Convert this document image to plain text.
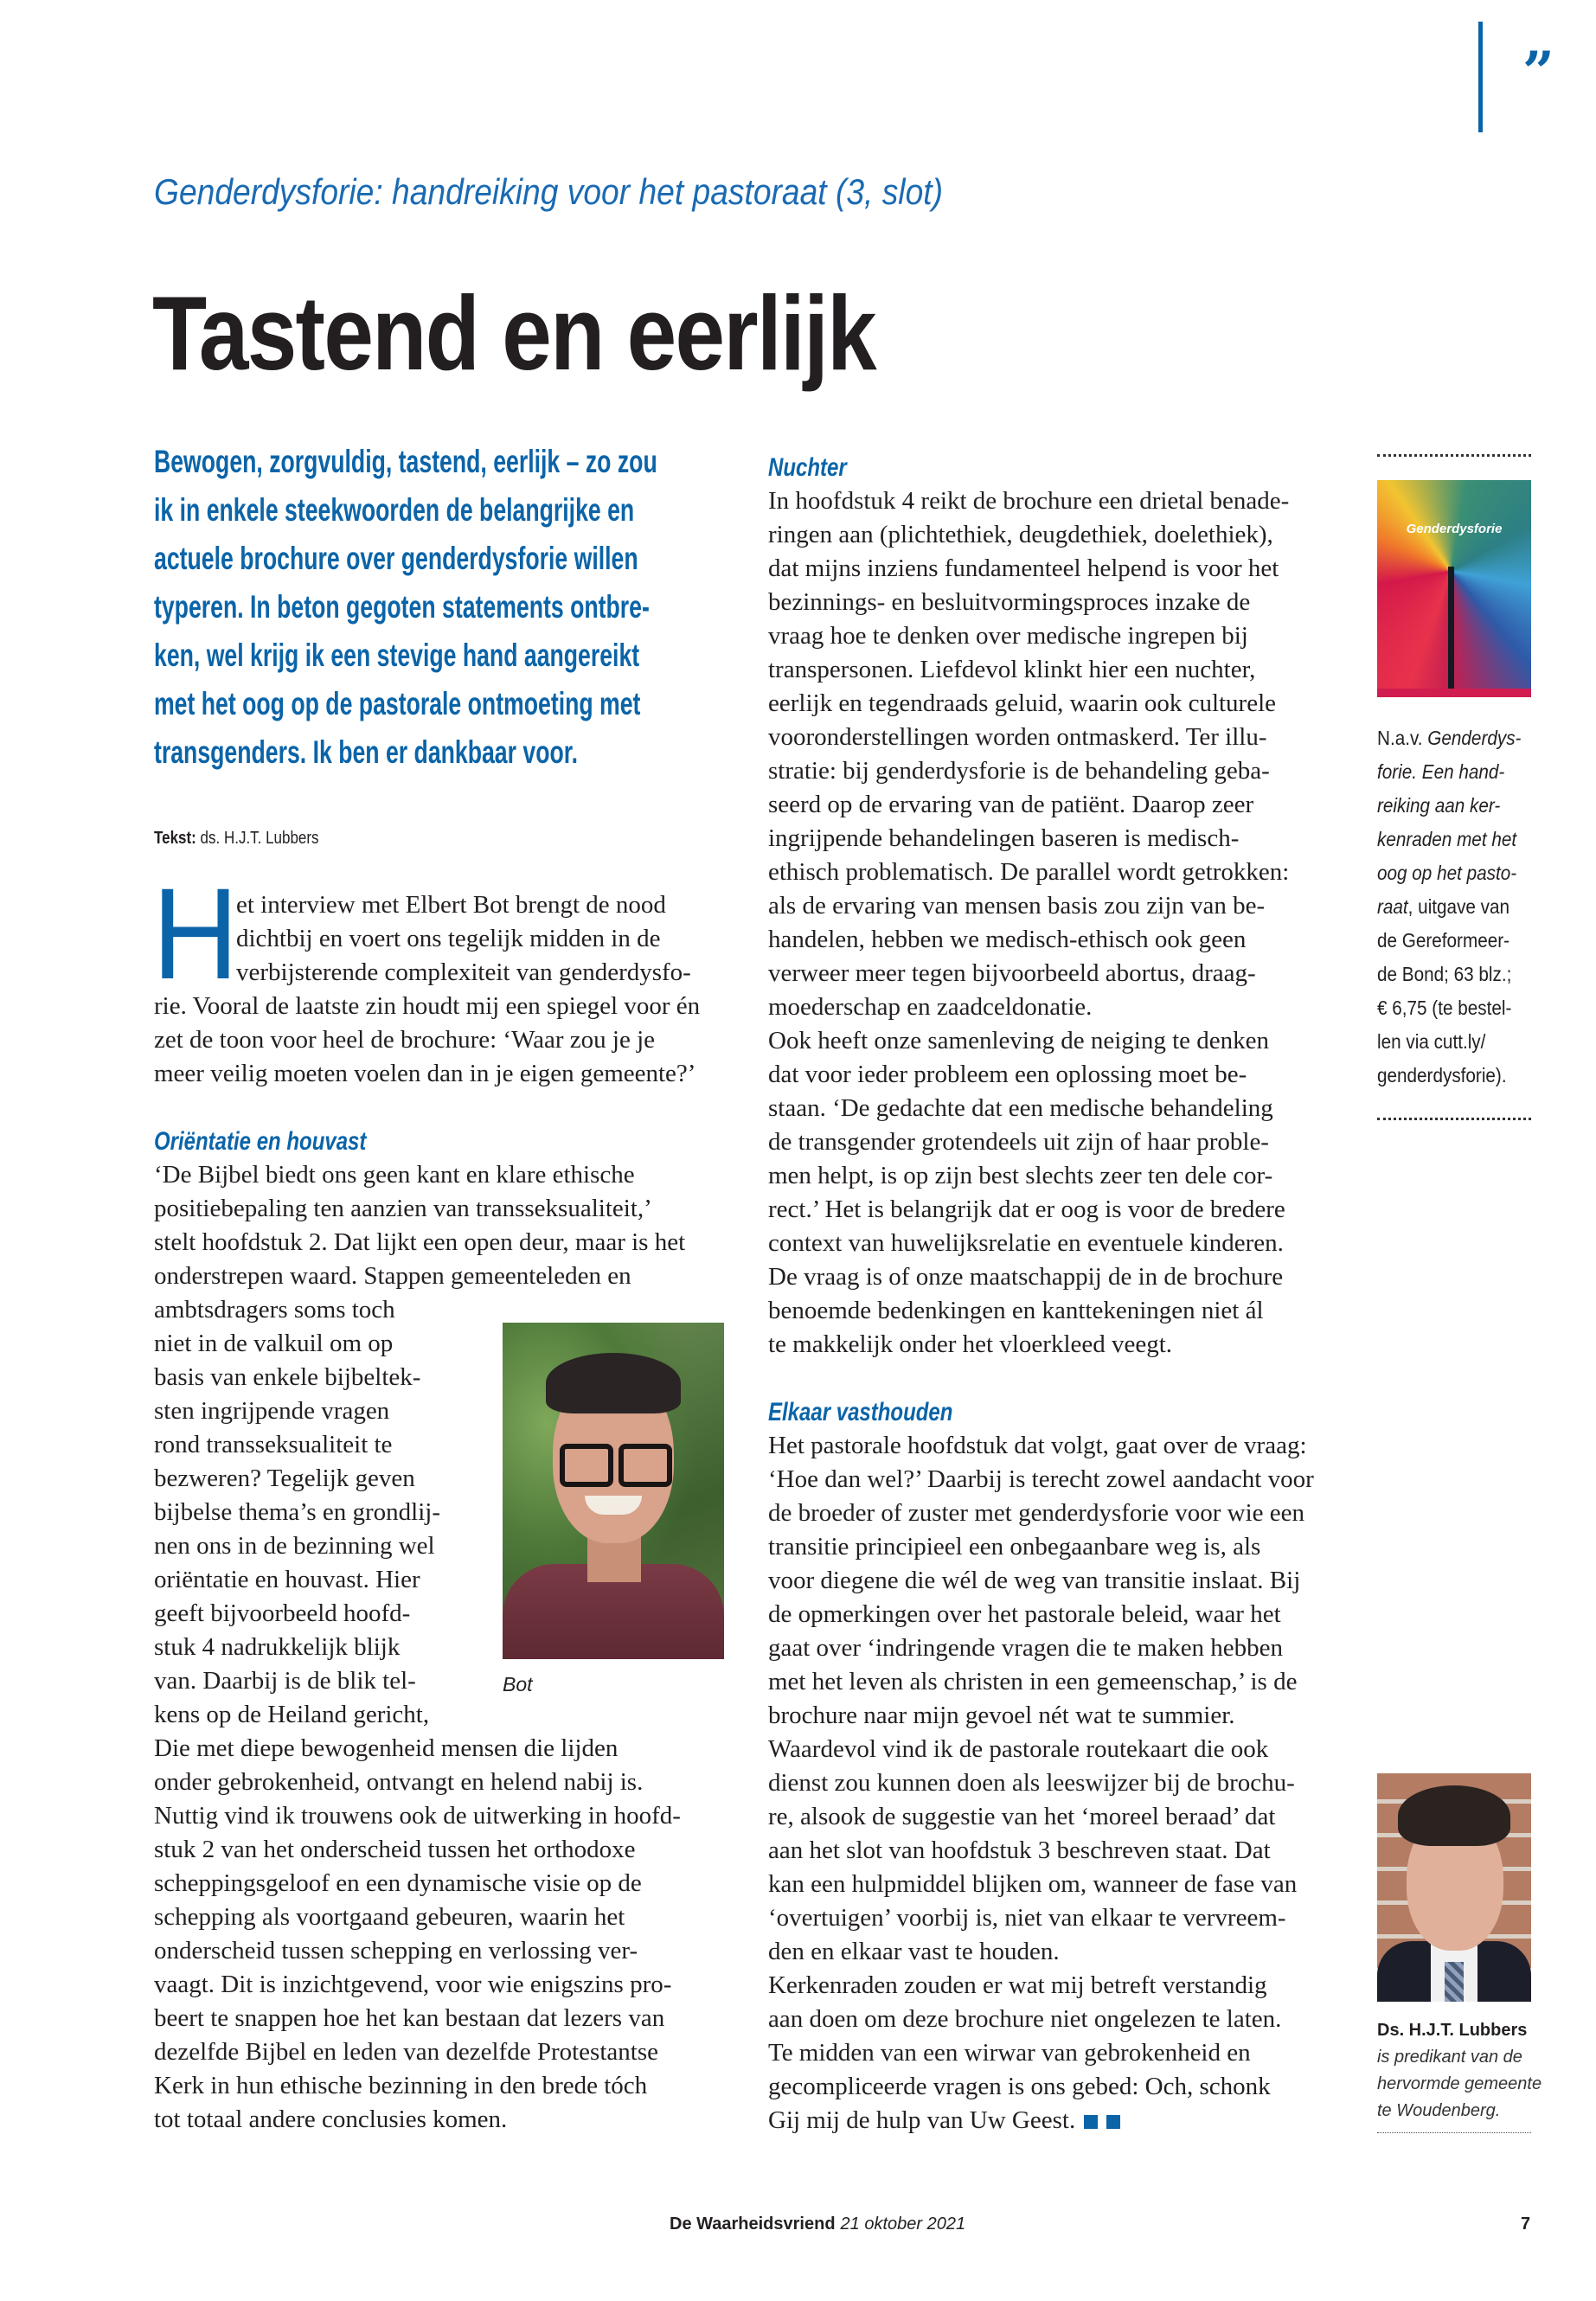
”
Genderdysforie: handreiking voor het pastoraat (3, slot)
Tastend en eerlijk
Bewogen, zorgvuldig, tastend, eerlijk – zo zou
ik in enkele steekwoorden de belangrijke en
actuele brochure over genderdysforie willen
typeren. In beton gegoten statements ontbre-
ken, wel krijg ik een stevige hand aangereikt
met het oog op de pastorale ontmoeting met
transgenders. Ik ben er dankbaar voor.
Tekst: ds. H.J.T. Lubbers
H
et interview met Elbert Bot brengt de nood
dichtbij en voert ons tegelijk midden in de
verbijsterende complexiteit van genderdysfo-
rie. Vooral de laatste zin houdt mij een spiegel voor én
zet de toon voor heel de brochure: ‘Waar zou je je
meer veilig moeten voelen dan in je eigen gemeente?’
Oriëntatie en houvast
‘De Bijbel biedt ons geen kant en klare ethische
positiebepaling ten aanzien van transseksualiteit,’
stelt hoofdstuk 2. Dat lijkt een open deur, maar is het
onderstrepen waard. Stappen gemeenteleden en
ambtsdragers soms toch
niet in de valkuil om op
basis van enkele bijbeltek-
sten ingrijpende vragen
rond transseksualiteit te
bezweren? Tegelijk geven
bijbelse thema’s en grondlij-
nen ons in de bezinning wel
oriëntatie en houvast. Hier
geeft bijvoorbeeld hoofd-
stuk 4 nadrukkelijk blijk
van. Daarbij is de blik tel-
kens op de Heiland gericht,
Die met diepe bewogenheid mensen die lijden
onder gebrokenheid, ontvangt en helend nabij is.
Nuttig vind ik trouwens ook de uitwerking in hoofd-
stuk 2 van het onderscheid tussen het orthodoxe
scheppingsgeloof en een dynamische visie op de
schepping als voortgaand gebeuren, waarin het
onderscheid tussen schepping en verlossing ver-
vaagt. Dit is inzichtgevend, voor wie enigszins pro-
beert te snappen hoe het kan bestaan dat lezers van
dezelfde Bijbel en leden van dezelfde Protestantse
Kerk in hun ethische bezinning in den brede tóch
tot totaal andere conclusies komen.
Nuchter
In hoofdstuk 4 reikt de brochure een drietal benade-
ringen aan (plichtethiek, deugdethiek, doelethiek),
dat mijns inziens fundamenteel helpend is voor het
bezinnings- en besluitvormingsproces inzake de
vraag hoe te denken over medische ingrepen bij
transpersonen. Liefdevol klinkt hier een nuchter,
eerlijk en tegendraads geluid, waarin ook culturele
vooronderstellingen worden ontmaskerd. Ter illu-
stratie: bij genderdysforie is de behandeling geba-
seerd op de ervaring van de patiënt. Daarop zeer
ingrijpende behandelingen baseren is medisch-
ethisch problematisch. De parallel wordt getrokken:
als de ervaring van mensen basis zou zijn van be-
handelen, hebben we medisch-ethisch ook geen
verweer meer tegen bijvoorbeeld abortus, draag-
moederschap en zaadceldonatie.
Ook heeft onze samenleving de neiging te denken
dat voor ieder probleem een oplossing moet be-
staan. ‘De gedachte dat een medische behandeling
de transgender grotendeels uit zijn of haar proble-
men helpt, is op zijn best slechts zeer ten dele cor-
rect.’ Het is belangrijk dat er oog is voor de bredere
context van huwelijksrelatie en eventuele kinderen.
De vraag is of onze maatschappij de in de brochure
benoemde bedenkingen en kanttekeningen niet ál
te makkelijk onder het vloerkleed veegt.
Elkaar vasthouden
Het pastorale hoofdstuk dat volgt, gaat over de vraag:
‘Hoe dan wel?’ Daarbij is terecht zowel aandacht voor
de broeder of zuster met genderdysforie voor wie een
transitie principieel een onbegaanbare weg is, als
voor diegene die wél de weg van transitie inslaat. Bij
de opmerkingen over het pastorale beleid, waar het
gaat over ‘indringende vragen die te maken hebben
met het leven als christen in een gemeenschap,’ is de
brochure naar mijn gevoel nét wat te summier.
Waardevol vind ik de pastorale routekaart die ook
dienst zou kunnen doen als leeswijzer bij de brochu-
re, alsook de suggestie van het ‘moreel beraad’ dat
aan het slot van hoofdstuk 3 beschreven staat. Dat
kan een hulpmiddel blijken om, wanneer de fase van
‘overtuigen’ voorbij is, niet van elkaar te vervreem-
den en elkaar vast te houden.
Kerkenraden zouden er wat mij betreft verstandig
aan doen om deze brochure niet ongelezen te laten.
Te midden van een wirwar van gebrokenheid en
gecompliceerde vragen is ons gebed: Och, schonk
Gij mij de hulp van Uw Geest.
Bot
Genderdysforie
N.a.v. Genderdys-
forie. Een hand-
reiking aan ker-
kenraden met het
oog op het pasto-
raat, uitgave van
de Gereformeer-
de Bond; 63 blz.;
€ 6,75 (te bestel-
len via cutt.ly/
genderdysforie).
Ds. H.J.T. Lubbers
is predikant van de
hervormde gemeente
te Woudenberg.
De Waarheidsvriend 21 oktober 2021	7
